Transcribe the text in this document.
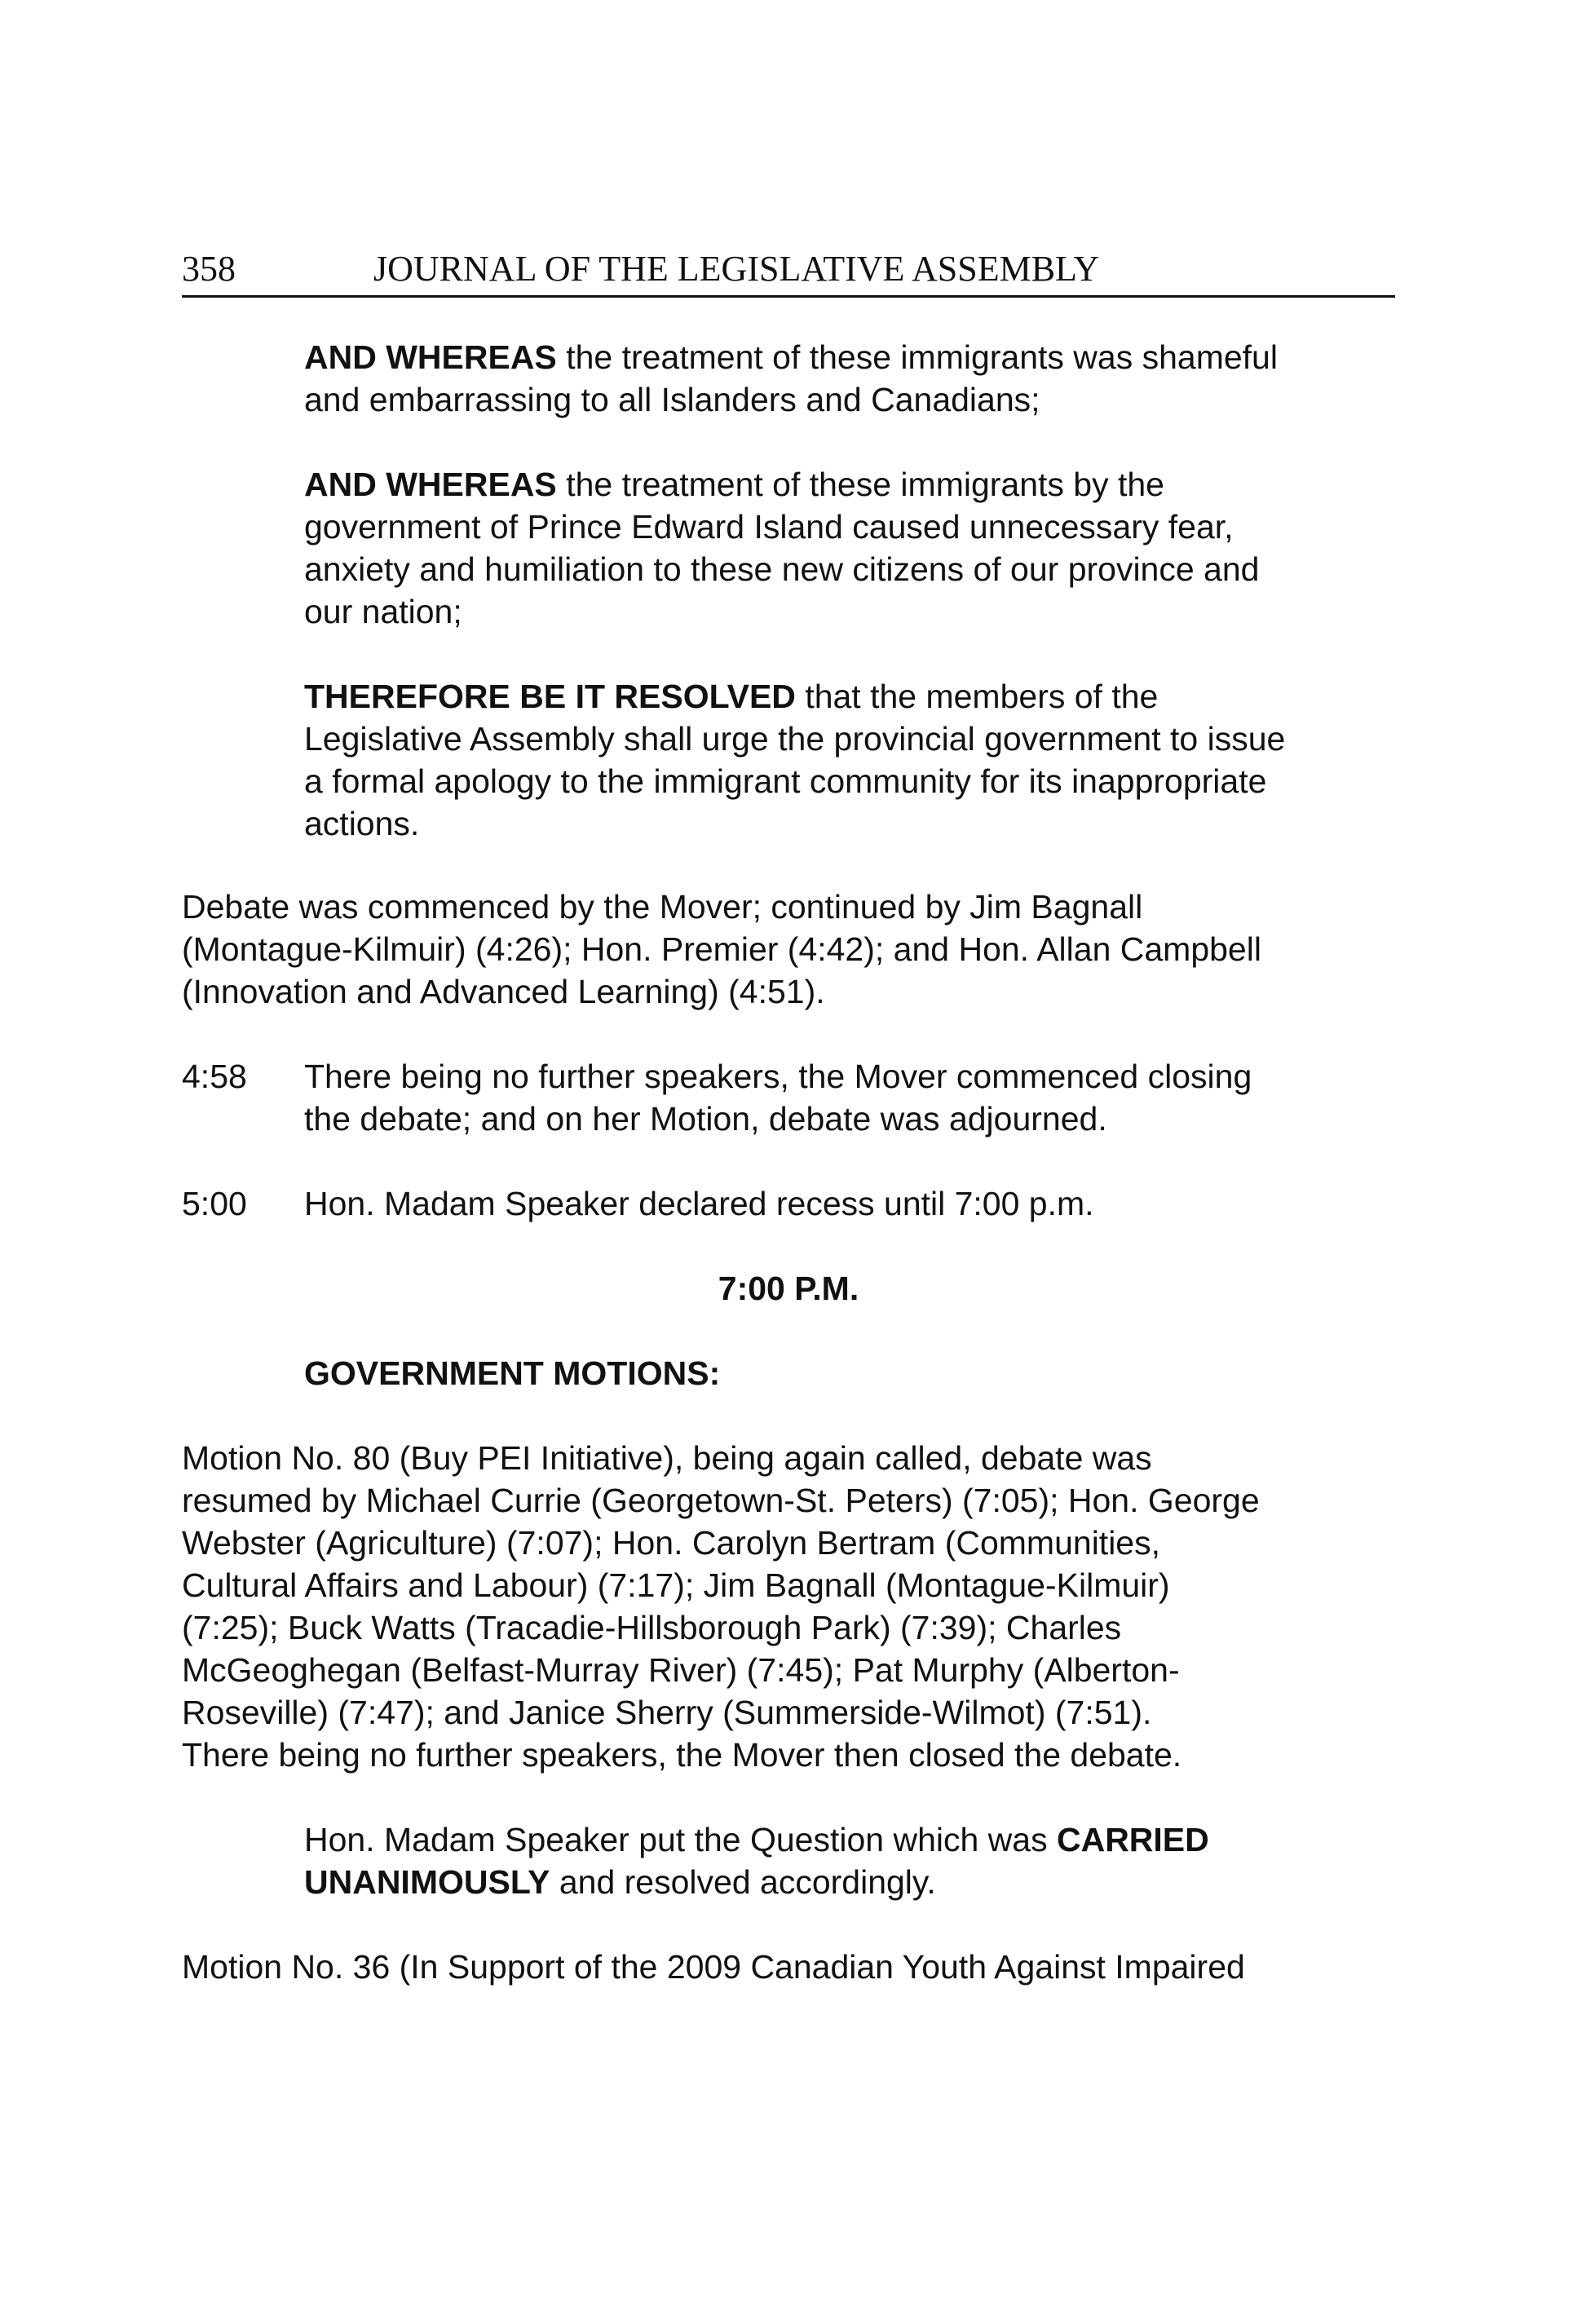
358	JOURNAL OF THE LEGISLATIVE ASSEMBLY
AND WHEREAS the treatment of these immigrants was shameful
and embarrassing to all Islanders and Canadians;
AND WHEREAS the treatment of these immigrants by the
government of Prince Edward Island caused unnecessary fear,
anxiety and humiliation to these new citizens of our province and
our nation;
THEREFORE BE IT RESOLVED that the members of the
Legislative Assembly shall urge the provincial government to issue
a formal apology to the immigrant community for its inappropriate
actions.
Debate was commenced by the Mover; continued by Jim Bagnall
(Montague-Kilmuir) (4:26); Hon. Premier (4:42); and Hon. Allan Campbell
(Innovation and Advanced Learning) (4:51).
4:58 There being no further speakers, the Mover commenced closing
the debate; and on her Motion, debate was adjourned.
5:00 Hon. Madam Speaker declared recess until 7:00 p.m.
7:00 P.M.
GOVERNMENT MOTIONS:
Motion No. 80 (Buy PEI Initiative), being again called, debate was
resumed by Michael Currie (Georgetown-St. Peters) (7:05); Hon. George
Webster (Agriculture) (7:07); Hon. Carolyn Bertram (Communities,
Cultural Affairs and Labour) (7:17); Jim Bagnall (Montague-Kilmuir)
(7:25); Buck Watts (Tracadie-Hillsborough Park) (7:39); Charles
McGeoghegan (Belfast-Murray River) (7:45); Pat Murphy (Alberton-
Roseville) (7:47); and Janice Sherry (Summerside-Wilmot) (7:51).
There being no further speakers, the Mover then closed the debate.
Hon. Madam Speaker put the Question which was CARRIED
UNANIMOUSLY and resolved accordingly.
Motion No. 36 (In Support of the 2009 Canadian Youth Against Impaired
